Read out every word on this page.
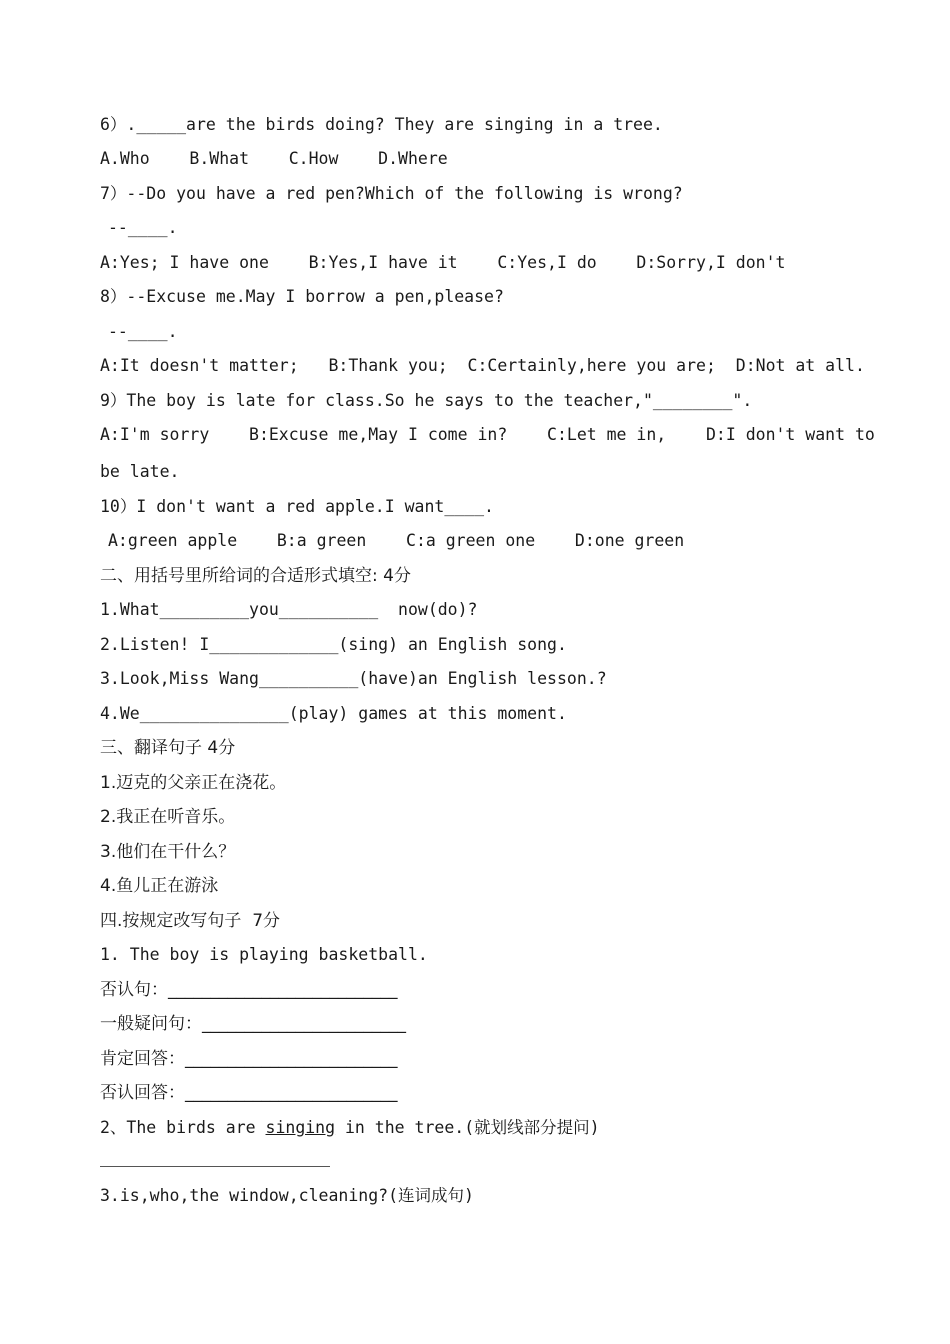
6）._____are the birds doing? They are singing in a tree.
A.Who    B.What    C.How    D.Where
7）--Do you have a red pen?Which of the following is wrong?
--____.
A:Yes; I have one    B:Yes,I have it    C:Yes,I do    D:Sorry,I don't
8）--Excuse me.May I borrow a pen,please?
--____.
A:It doesn't matter;   B:Thank you;  C:Certainly,here you are;  D:Not at all.
9）The boy is late for class.So he says to the teacher,"________".
A:I'm sorry    B:Excuse me,May I come in?    C:Let me in,    D:I don't want to
be late.
10）I don't want a red apple.I want____.
A:green apple    B:a green    C:a green one    D:one green
二、用括号里所给词的合适形式填空: 4分
1.What_________you__________  now(do)?
2.Listen! I_____________(sing) an English song.
3.Look,Miss Wang__________(have)an English lesson.?
4.We_______________(play) games at this moment.
三、翻译句子 4分
1.迈克的父亲正在浇花。
2.我正在听音乐。
3.他们在干什么？
4.鱼儿正在游泳
四.按规定改写句子  7分
1. The boy is playing basketball.
否认句：___________________________
一般疑问句：________________________
肯定回答：_________________________
否认回答：_________________________
2、The birds are singing in the tree.(就划线部分提问)
3.is,who,the window,cleaning?(连词成句)
